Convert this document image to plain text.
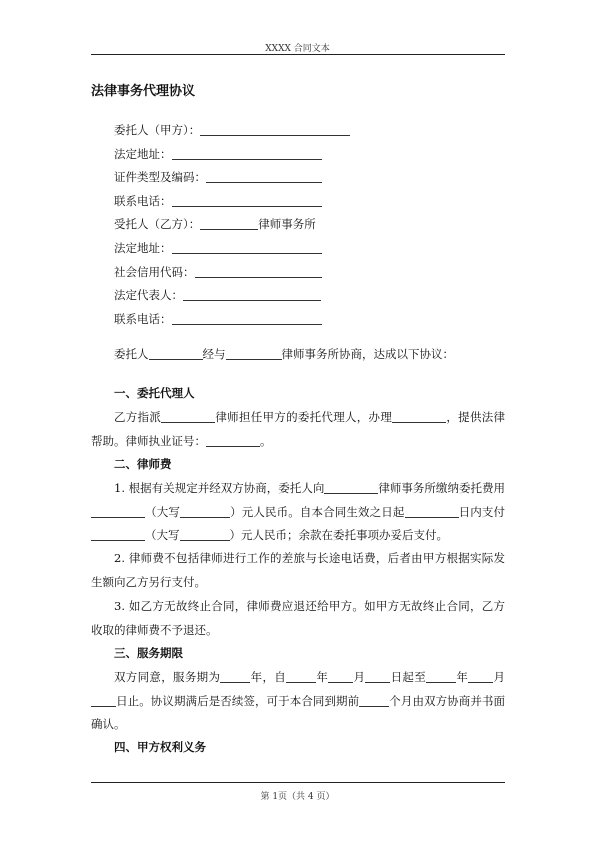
XXXX 合同文本
法律事务代理协议
委托人（甲方）：
法定地址：
证件类型及编码：
联系电话：
受托人（乙方）：	律师事务所
法定地址：
社会信用代码：
法定代表人：
联系电话：
委托人	经与	律师事务所协商，达成以下协议：
一、委托代理人
乙方指派	律师担任甲方的委托代理人，办理	，提供法律帮助。律师执业证号：	。
二、律师费
1. 根据有关规定并经双方协商，委托人向	律师事务所缴纳委托费用（大写	）元人民币。自本合同生效之日起	日内支付（大写	）元人民币；余款在委托事项办妥后支付。
2. 律师费不包括律师进行工作的差旅与长途电话费，后者由甲方根据实际发生额向乙方另行支付。
3. 如乙方无故终止合同，律师费应退还给甲方。如甲方无故终止合同，乙方收取的律师费不予退还。
三、服务期限
双方同意，服务期为	年，自	年 月 日起至	年 月日止。协议期满后是否续签，可于本合同到期前	个月由双方协商并书面确认。
四、甲方权利义务
第 1页（共 4 页）
